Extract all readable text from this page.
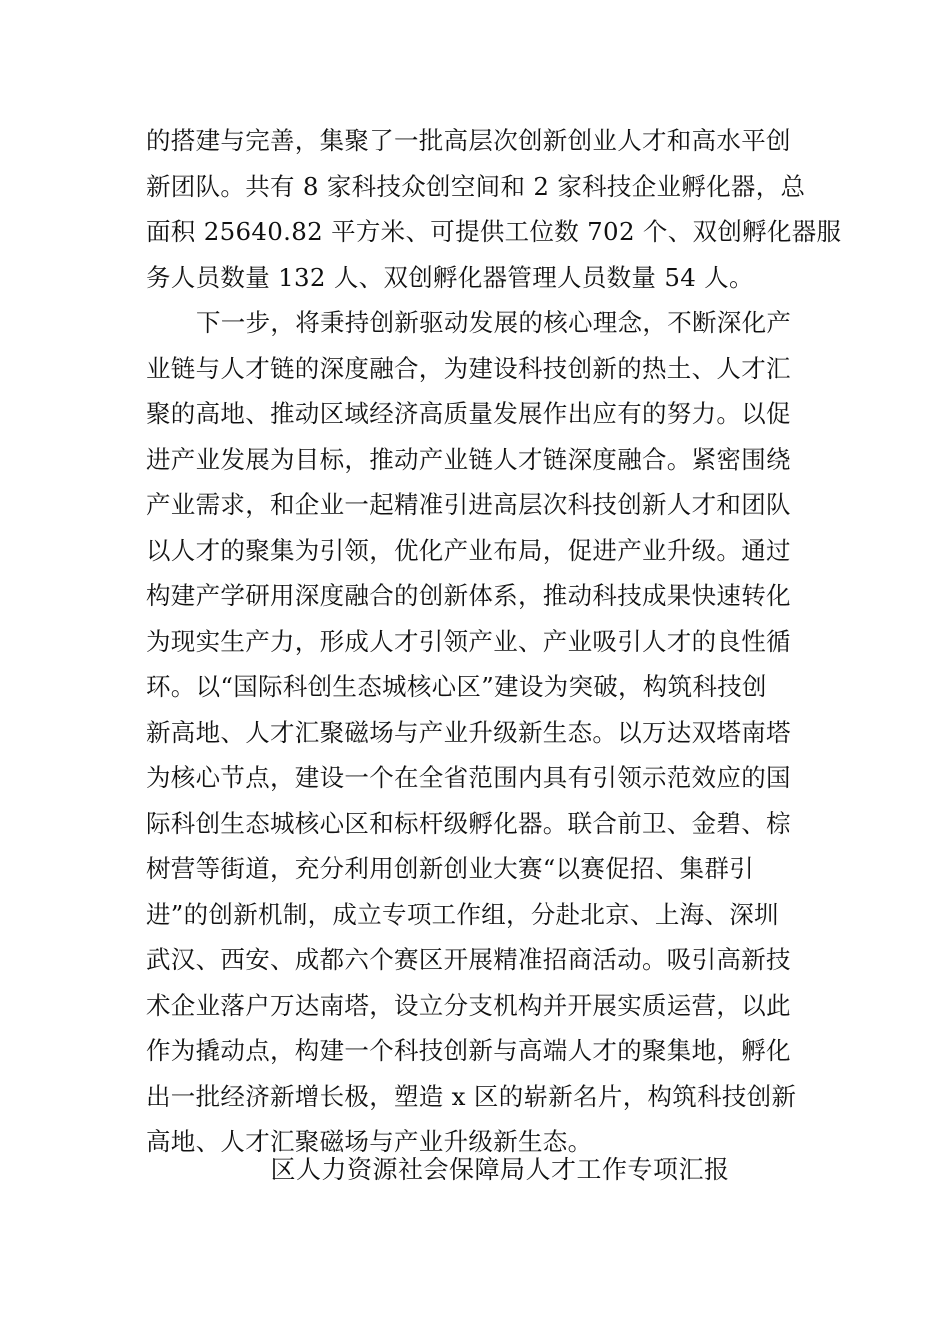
的搭建与完善，集聚了一批高层次创新创业人才和高水平创
新团队。共有 8 家科技众创空间和 2 家科技企业孵化器，总
面积 25640.82 平方米、可提供工位数 702 个、双创孵化器服
务人员数量 132 人、双创孵化器管理人员数量 54 人。
下一步，将秉持创新驱动发展的核心理念，不断深化产
业链与人才链的深度融合，为建设科技创新的热土、人才汇
聚的高地、推动区域经济高质量发展作出应有的努力。以促
进产业发展为目标，推动产业链人才链深度融合。紧密围绕
产业需求，和企业一起精准引进高层次科技创新人才和团队
以人才的聚集为引领，优化产业布局，促进产业升级。通过
构建产学研用深度融合的创新体系，推动科技成果快速转化
为现实生产力，形成人才引领产业、产业吸引人才的良性循
环。以“国际科创生态城核心区”建设为突破，构筑科技创
新高地、人才汇聚磁场与产业升级新生态。以万达双塔南塔
为核心节点，建设一个在全省范围内具有引领示范效应的国
际科创生态城核心区和标杆级孵化器。联合前卫、金碧、棕
树营等街道，充分利用创新创业大赛“以赛促招、集群引
进”的创新机制，成立专项工作组，分赴北京、上海、深圳
武汉、西安、成都六个赛区开展精准招商活动。吸引高新技
术企业落户万达南塔，设立分支机构并开展实质运营，以此
作为撬动点，构建一个科技创新与高端人才的聚集地，孵化
出一批经济新增长极，塑造 x 区的崭新名片，构筑科技创新
高地、人才汇聚磁场与产业升级新生态。
区人力资源社会保障局人才工作专项汇报
